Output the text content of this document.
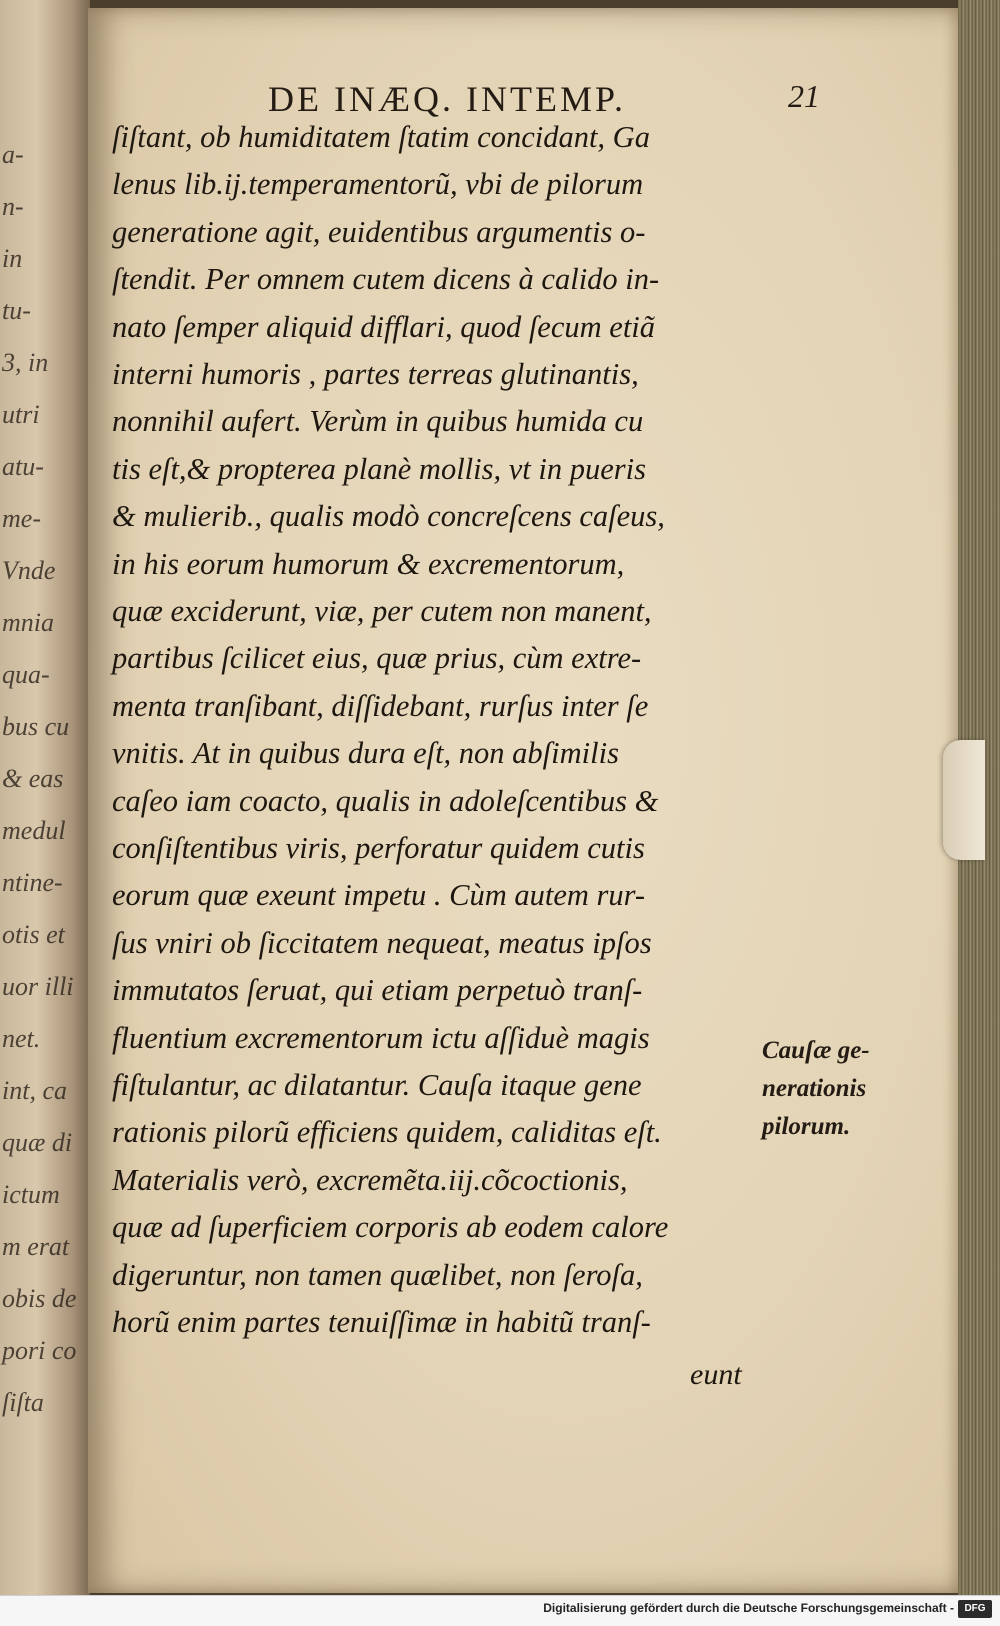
a-
n-
in
tu-
3, in
utri
atu-
me-
Vnde
mnia
qua-
bus cu
& eas
medul
ntine-
otis et
uor illi
net.
int, ca
quæ di
ictum
m erat
obis de
pori co
ſiſta
DE INÆQ. INTEMP.	21
ſiſtant, ob humiditatem ſtatim concidant, Ga
lenus lib.ij.temperamentorũ, vbi de pilorum
generatione agit, euidentibus argumentis o-
ſtendit. Per omnem cutem dicens à calido in-
nato ſemper aliquid difflari, quod ſecum etiã
interni humoris , partes terreas glutinantis,
nonnihil aufert. Verùm in quibus humida cu
tis eſt,& propterea planè mollis, vt in pueris
& mulierib., qualis modò concreſcens caſeus,
in his eorum humorum & excrementorum,
quæ exciderunt, viæ, per cutem non manent,
partibus ſcilicet eius, quæ prius, cùm extre-
menta tranſibant, diſſidebant, rurſus inter ſe
vnitis. At in quibus dura eſt, non abſimilis
caſeo iam coacto, qualis in adoleſcentibus &
conſiſtentibus viris, perforatur quidem cutis
eorum quæ exeunt impetu . Cùm autem rur-
ſus vniri ob ſiccitatem nequeat, meatus ipſos
immutatos ſeruat, qui etiam perpetuò tranſ-
fluentium excrementorum ictu aſſiduè magis
fiſtulantur, ac dilatantur. Cauſa itaque gene
rationis pilorũ efficiens quidem, caliditas eſt.
Materialis verò, excremẽta.iij.cõcoctionis,
quæ ad ſuperficiem corporis ab eodem calore
digeruntur, non tamen quælibet, non ſeroſa,
horũ enim partes tenuiſſimæ in habitũ tranſ-
eunt
Cauſæ ge-
nerationis
pilorum.
Digitalisierung gefördert durch die Deutsche Forschungsgemeinschaft -	DFG
